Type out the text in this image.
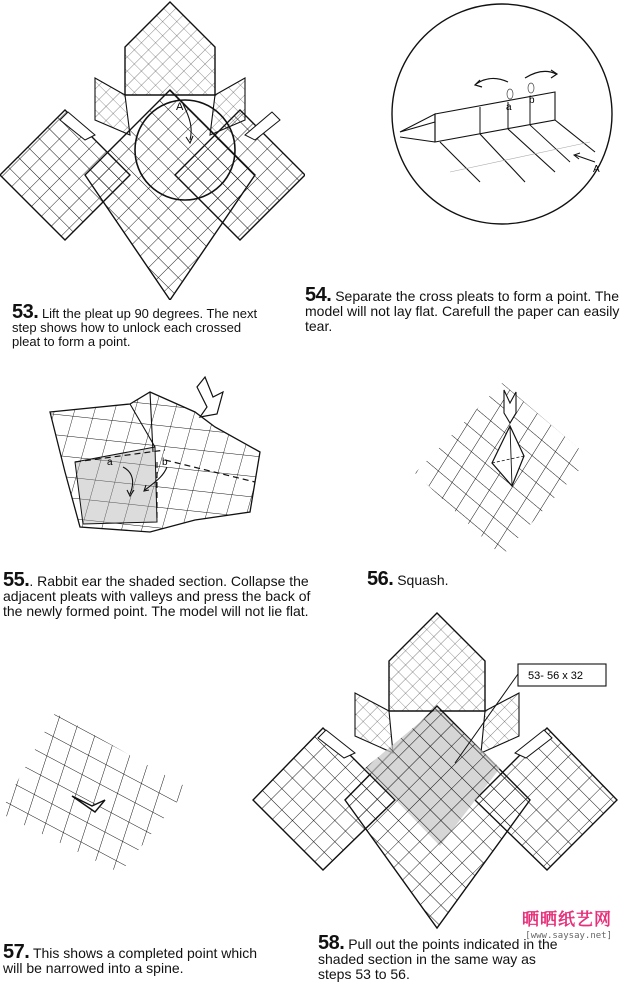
A
53. Lift the pleat up 90 degrees. The next step shows how to unlock each crossed pleat to form a point.
a
b
A
54. Separate the cross pleats to form a point. The model will not lay flat. Carefull the paper can easily tear.
a	b
55.. Rabbit ear the shaded section. Collapse the adjacent pleats with valleys and press the back of the newly formed point. The model will not lie flat.
56. Squash.
57. This shows a completed point which will be narrowed into a spine.
53- 56 x 32
58. Pull out the points indicated in the shaded section in the same way as steps 53 to 56.
晒晒纸艺网
[www.saysay.net]
